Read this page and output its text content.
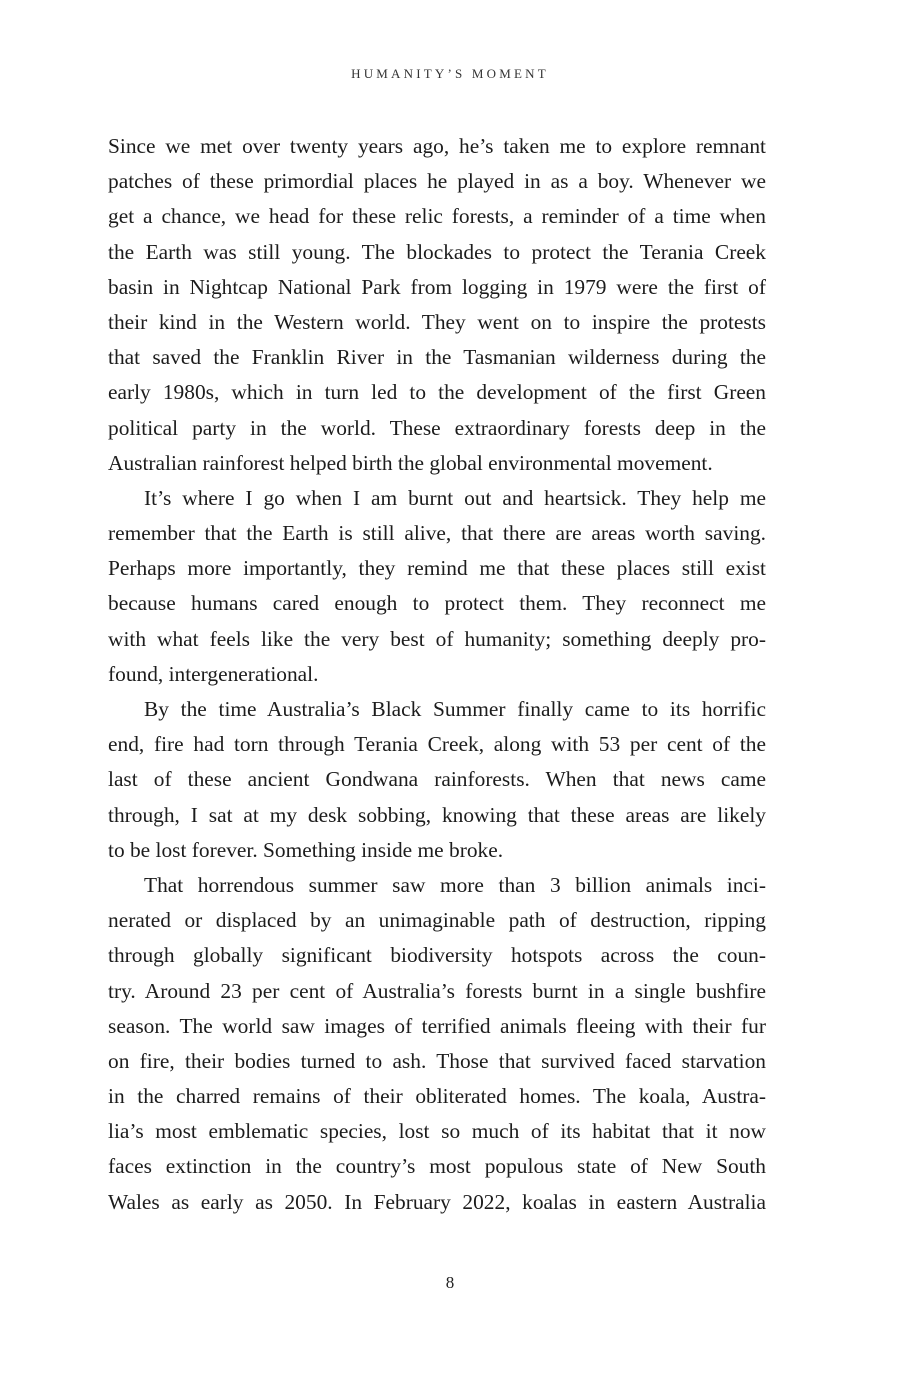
HUMANITY’S MOMENT
Since we met over twenty years ago, he’s taken me to explore remnant
patches of these primordial places he played in as a boy. Whenever we
get a chance, we head for these relic forests, a reminder of a time when
the Earth was still young. The blockades to protect the Terania Creek
basin in Nightcap National Park from logging in 1979 were the first of
their kind in the Western world. They went on to inspire the protests
that saved the Franklin River in the Tasmanian wilderness during the
early 1980s, which in turn led to the development of the first Green
political party in the world. These extraordinary forests deep in the
Australian rainforest helped birth the global environmental movement.
It’s where I go when I am burnt out and heartsick. They help me
remember that the Earth is still alive, that there are areas worth saving.
Perhaps more importantly, they remind me that these places still exist
because humans cared enough to protect them. They reconnect me
with what feels like the very best of humanity; something deeply pro-
found, intergenerational.
By the time Australia’s Black Summer finally came to its horrific
end, fire had torn through Terania Creek, along with 53 per cent of the
last of these ancient Gondwana rainforests. When that news came
through, I sat at my desk sobbing, knowing that these areas are likely
to be lost forever. Something inside me broke.
That horrendous summer saw more than 3 billion animals inci-
nerated or displaced by an unimaginable path of destruction, ripping
through globally significant biodiversity hotspots across the coun-
try. Around 23 per cent of Australia’s forests burnt in a single bushfire
season. The world saw images of terrified animals fleeing with their fur
on fire, their bodies turned to ash. Those that survived faced starvation
in the charred remains of their obliterated homes. The koala, Austra-
lia’s most emblematic species, lost so much of its habitat that it now
faces extinction in the country’s most populous state of New South
Wales as early as 2050. In February 2022, koalas in eastern Australia
8
